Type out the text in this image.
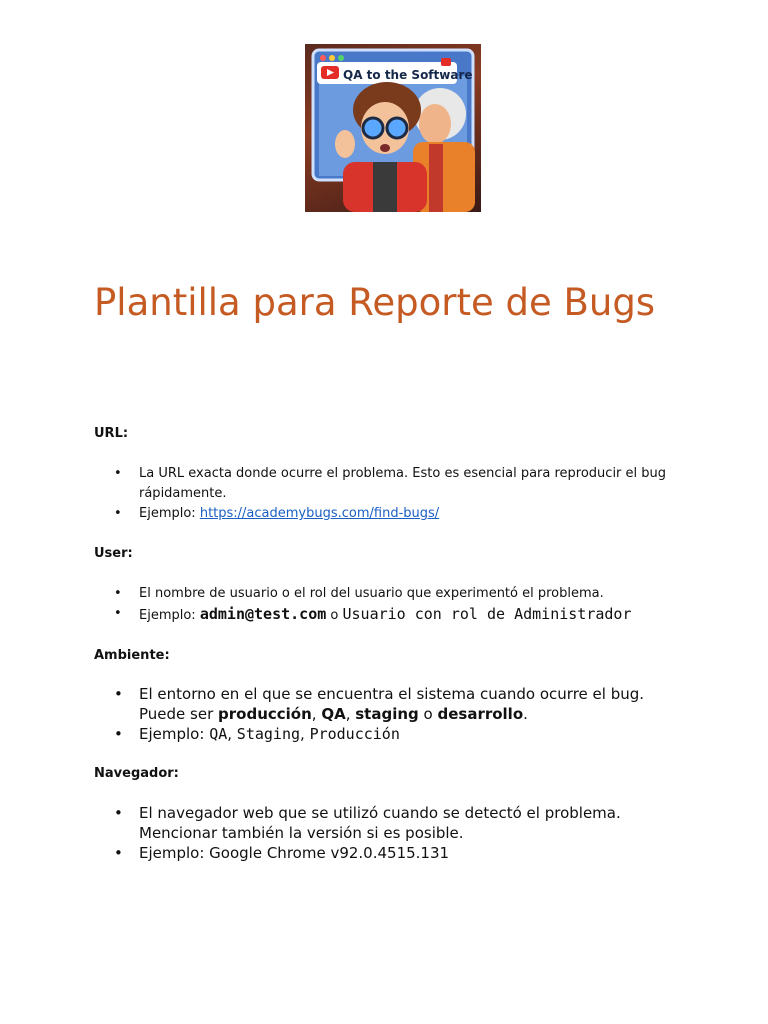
QA to the Software
Plantilla para Reporte de Bugs
URL:
• La URL exacta donde ocurre el problema. Esto es esencial para reproducir el bug rápidamente.
• Ejemplo: https://academybugs.com/find-bugs/
User:
• El nombre de usuario o el rol del usuario que experimentó el problema.
• Ejemplo: admin@test.com o Usuario con rol de Administrador
Ambiente:
• El entorno en el que se encuentra el sistema cuando ocurre el bug. Puede ser producción, QA, staging o desarrollo.
• Ejemplo: QA, Staging, Producción
Navegador:
• El navegador web que se utilizó cuando se detectó el problema. Mencionar también la versión si es posible.
• Ejemplo: Google Chrome v92.0.4515.131
